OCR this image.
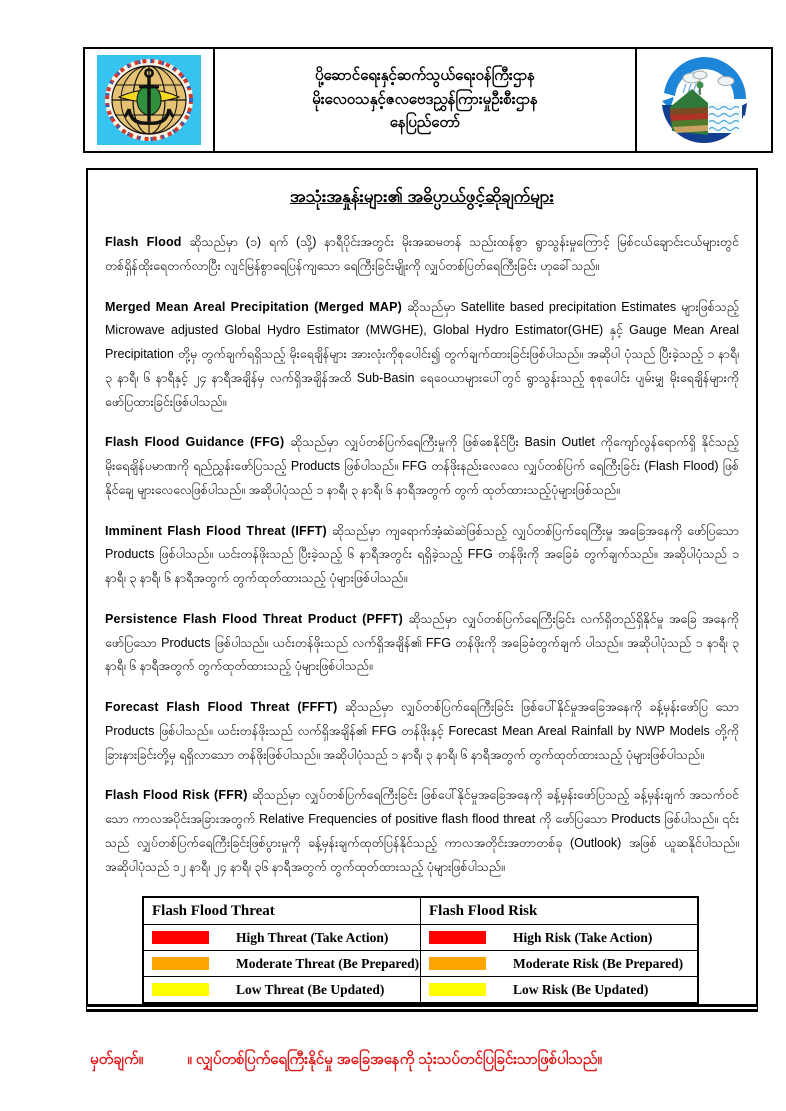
ပို့ဆောင်ရေးနှင့်ဆက်သွယ်ရေးဝန်ကြီးဌာန
မိုးလေဝသနှင့်ဇလဗေဒညွှန်ကြားမှုဦးစီးဌာန
နေပြည်တော်
အသုံးအနှုန်းများ၏ အဓိပ္ပာယ်ဖွင့်ဆိုချက်များ

Flash Flood ဆိုသည်မှာ (၁) ရက် (သို့) နာရီပိုင်းအတွင်း မိုးအဆမတန် သည်းထန်စွာ ရွာသွန်းမှုကြောင့် မြစ်ငယ်ချောင်းငယ်များတွင် တစ်ရှိန်ထိုးရေတက်လာပြီး လျင်မြန်စွာရေပြန်ကျသော ရေကြီးခြင်းမျိုးကို လျှပ်တစ်ပြတ်ရေကြီးခြင်း ဟုခေါ်သည်။

Merged Mean Areal Precipitation (Merged MAP) ဆိုသည်မှာ Satellite based precipitation Estimates များဖြစ်သည့် Microwave adjusted Global Hydro Estimator (MWGHE), Global Hydro Estimator(GHE) နှင့် Gauge Mean Areal Precipitation တို့မှ တွက်ချက်ရရှိသည့် မိုးရေချိန်များ အားလုံးကိုစုပေါင်း၍ တွက်ချက်ထားခြင်းဖြစ်ပါသည်။ အဆိုပါ ပုံသည် ပြီးခဲ့သည့် ၁ နာရီ၊ ၃ နာရီ၊ ၆ နာရီနှင့် ၂၄ နာရီအချိန်မှ လက်ရှိအချိန်အထိ Sub-Basin ရေဝေယာများပေါ်တွင် ရွာသွန်းသည့် စုစုပေါင်း ပျမ်းမျှ မိုးရေချိန်များကို ဖော်ပြထားခြင်းဖြစ်ပါသည်။

Flash Flood Guidance (FFG) ဆိုသည်မှာ လျှပ်တစ်ပြက်ရေကြီးမှုကို ဖြစ်စေနိုင်ပြီး Basin Outlet ကိုကျော်လွန်ရောက်ရှိ နိုင်သည့် မိုးရေချိန်ပမာဏကို ရည်ညွှန်းဖော်ပြသည့် Products ဖြစ်ပါသည်။ FFG တန်ဖိုးနည်းလေလေ လျှပ်တစ်ပြက် ရေကြီးခြင်း (Flash Flood) ဖြစ်နိုင်ချေ များလေလေဖြစ်ပါသည်။ အဆိုပါပုံသည် ၁ နာရီ၊ ၃ နာရီ၊ ၆ နာရီအတွက် တွက် ထုတ်ထားသည့်ပုံများဖြစ်သည်။

Imminent Flash Flood Threat (IFFT) ဆိုသည်မှာ ကျရောက်အံ့ဆဲဆဲဖြစ်သည့် လျှပ်တစ်ပြက်ရေကြီးမှု အခြေအနေကို ဖော်ပြသော Products ဖြစ်ပါသည်။ ယင်းတန်ဖိုးသည် ပြီးခဲ့သည့် ၆ နာရီအတွင်း ရရှိခဲ့သည့် FFG တန်ဖိုးကို အခြေခံ တွက်ချက်သည်။ အဆိုပါပုံသည် ၁ နာရီ၊ ၃ နာရီ၊ ၆ နာရီအတွက် တွက်ထုတ်ထားသည့် ပုံများဖြစ်ပါသည်။

Persistence Flash Flood Threat Product (PFFT) ဆိုသည်မှာ လျှပ်တစ်ပြက်ရေကြီးခြင်း လက်ရှိတည်ရှိနိုင်မှု အခြေ အနေကို ဖော်ပြသော Products ဖြစ်ပါသည်။ ယင်းတန်ဖိုးသည် လက်ရှိအချိန်၏ FFG တန်ဖိုးကို အခြေခံတွက်ချက် ပါသည်။ အဆိုပါပုံသည် ၁ နာရီ၊ ၃ နာရီ၊ ၆ နာရီအတွက် တွက်ထုတ်ထားသည့် ပုံများဖြစ်ပါသည်။

Forecast Flash Flood Threat (FFFT) ဆိုသည်မှာ လျှပ်တစ်ပြက်ရေကြီးခြင်း ဖြစ်ပေါ်နိုင်မှုအခြေအနေကို ခန့်မှန်းဖော်ပြ သော Products ဖြစ်ပါသည်။ ယင်းတန်ဖိုးသည် လက်ရှိအချိန်၏ FFG တန်ဖိုးနှင့် Forecast Mean Areal Rainfall by NWP Models တို့ကို ခြားနားခြင်းတို့မှ ရရှိလာသော တန်ဖိုးဖြစ်ပါသည်။ အဆိုပါပုံသည် ၁ နာရီ၊ ၃ နာရီ၊ ၆ နာရီအတွက် တွက်ထုတ်ထားသည့် ပုံများဖြစ်ပါသည်။

Flash Flood Risk (FFR) ဆိုသည်မှာ လျှပ်တစ်ပြက်ရေကြီးခြင်း ဖြစ်ပေါ်နိုင်မှုအခြေအနေကို ခန့်မှန်းဖော်ပြသည့် ခန့်မှန်းချက် အသက်ဝင်သော ကာလအပိုင်းအခြားအတွက် Relative Frequencies of positive flash flood threat ကို ဖော်ပြသော Products ဖြစ်ပါသည်။ ၎င်းသည် လျှပ်တစ်ပြက်ရေကြီးခြင်းဖြစ်ပွားမှုကို ခန့်မှန်းချက်ထုတ်ပြန်နိုင်သည့် ကာလအတိုင်းအတာတစ်ခု (Outlook) အဖြစ် ယူဆနိုင်ပါသည်။ အဆိုပါပုံသည် ၁၂ နာရီ၊ ၂၄ နာရီ၊ ၃၆ နာရီအတွက် တွက်ထုတ်ထားသည့် ပုံများဖြစ်ပါသည်။

Flash Flood Threat	Flash Flood Risk

High Threat (Take Action)	High Risk (Take Action)

Moderate Threat (Be Prepared)	Moderate Risk (Be Prepared)

Low Threat (Be Updated)	Low Risk (Be Updated)
မှတ်ချက်။	။ လျှပ်တစ်ပြက်ရေကြီးနိုင်မှု အခြေအနေကို သုံးသပ်တင်ပြခြင်းသာဖြစ်ပါသည်။
